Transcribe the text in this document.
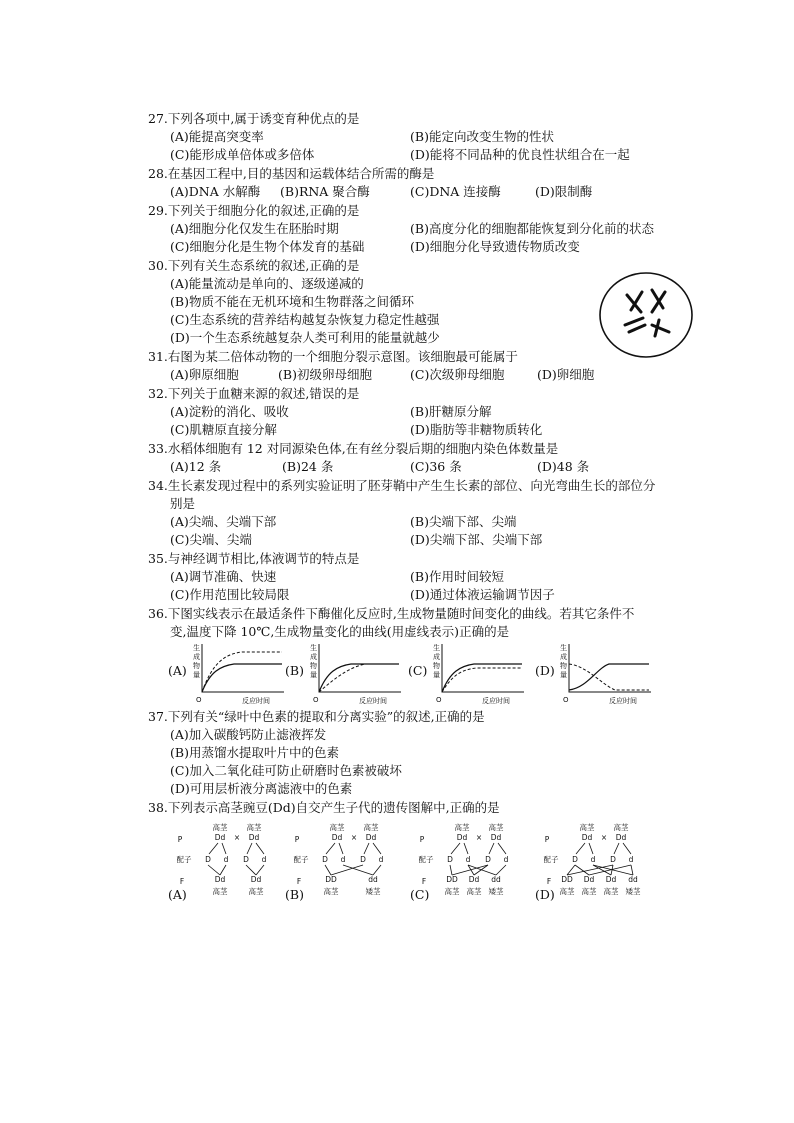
27.下列各项中,属于诱变育种优点的是
(A)能提高突变率	(B)能定向改变生物的性状
(C)能形成单倍体或多倍体	(D)能将不同品种的优良性状组合在一起
28.在基因工程中,目的基因和运载体结合所需的酶是
(A)DNA 水解酶 (B)RNA 聚合酶	(C)DNA 连接酶	(D)限制酶
29.下列关于细胞分化的叙述,正确的是
(A)细胞分化仅发生在胚胎时期	(B)高度分化的细胞都能恢复到分化前的状态
(C)细胞分化是生物个体发育的基础	(D)细胞分化导致遗传物质改变
30.下列有关生态系统的叙述,正确的是
(A)能量流动是单向的、逐级递减的
(B)物质不能在无机环境和生物群落之间循环
(C)生态系统的营养结构越复杂恢复力稳定性越强
(D)一个生态系统越复杂人类可利用的能量就越少
31.右图为某二倍体动物的一个细胞分裂示意图。该细胞最可能属于
(A)卵原细胞	(B)初级卵母细胞	(C)次级卵母细胞	(D)卵细胞
32.下列关于血糖来源的叙述,错误的是
(A)淀粉的消化、吸收	(B)肝糖原分解
(C)肌糖原直接分解	(D)脂肪等非糖物质转化
33.水稻体细胞有 12 对同源染色体,在有丝分裂后期的细胞内染色体数量是
(A)12 条	(B)24 条	(C)36 条	(D)48 条
34.生长素发现过程中的系列实验证明了胚芽鞘中产生生长素的部位、向光弯曲生长的部位分
别是
(A)尖端、尖端下部	(B)尖端下部、尖端
(C)尖端、尖端	(D)尖端下部、尖端下部
35.与神经调节相比,体液调节的特点是
(A)调节准确、快速	(B)作用时间较短
(C)作用范围比较局限	(D)通过体液运输调节因子
36.下图实线表示在最适条件下酶催化反应时,生成物量随时间变化的曲线。若其它条件不
变,温度下降 10℃,生成物量变化的曲线(用虚线表示)正确的是
(A)
生成物量
反应时间
O
(B)
生成物量
反应时间
O
(C)
生成物量
反应时间
O
(D)
生成物量
反应时间
O
37.下列有关“绿叶中色素的提取和分离实验”的叙述,正确的是
(A)加入碳酸钙防止滤液挥发
(B)用蒸馏水提取叶片中的色素
(C)加入二氧化硅可防止研磨时色素被破坏
(D)可用层析液分离滤液中的色素
38.下列表示高茎豌豆(Dd)自交产生子代的遗传图解中,正确的是
(A)
P
高茎	高茎
Dd × Dd
配子 D d D d
F	Dd
高茎
Dd
高茎 (B)
P
高茎	高茎
Dd × Dd
配子 D d D d
F	DD
高茎
dd
矮茎 (C)
P
高茎	高茎
Dd × Dd
配子 D d D d
F	DD
高茎
Dd
高茎
dd
矮茎	(D)
P
高茎	高茎
Dd × Dd
配子 D d D d
F DD
高茎
Dd
高茎
Dd
高茎
dd
矮茎
